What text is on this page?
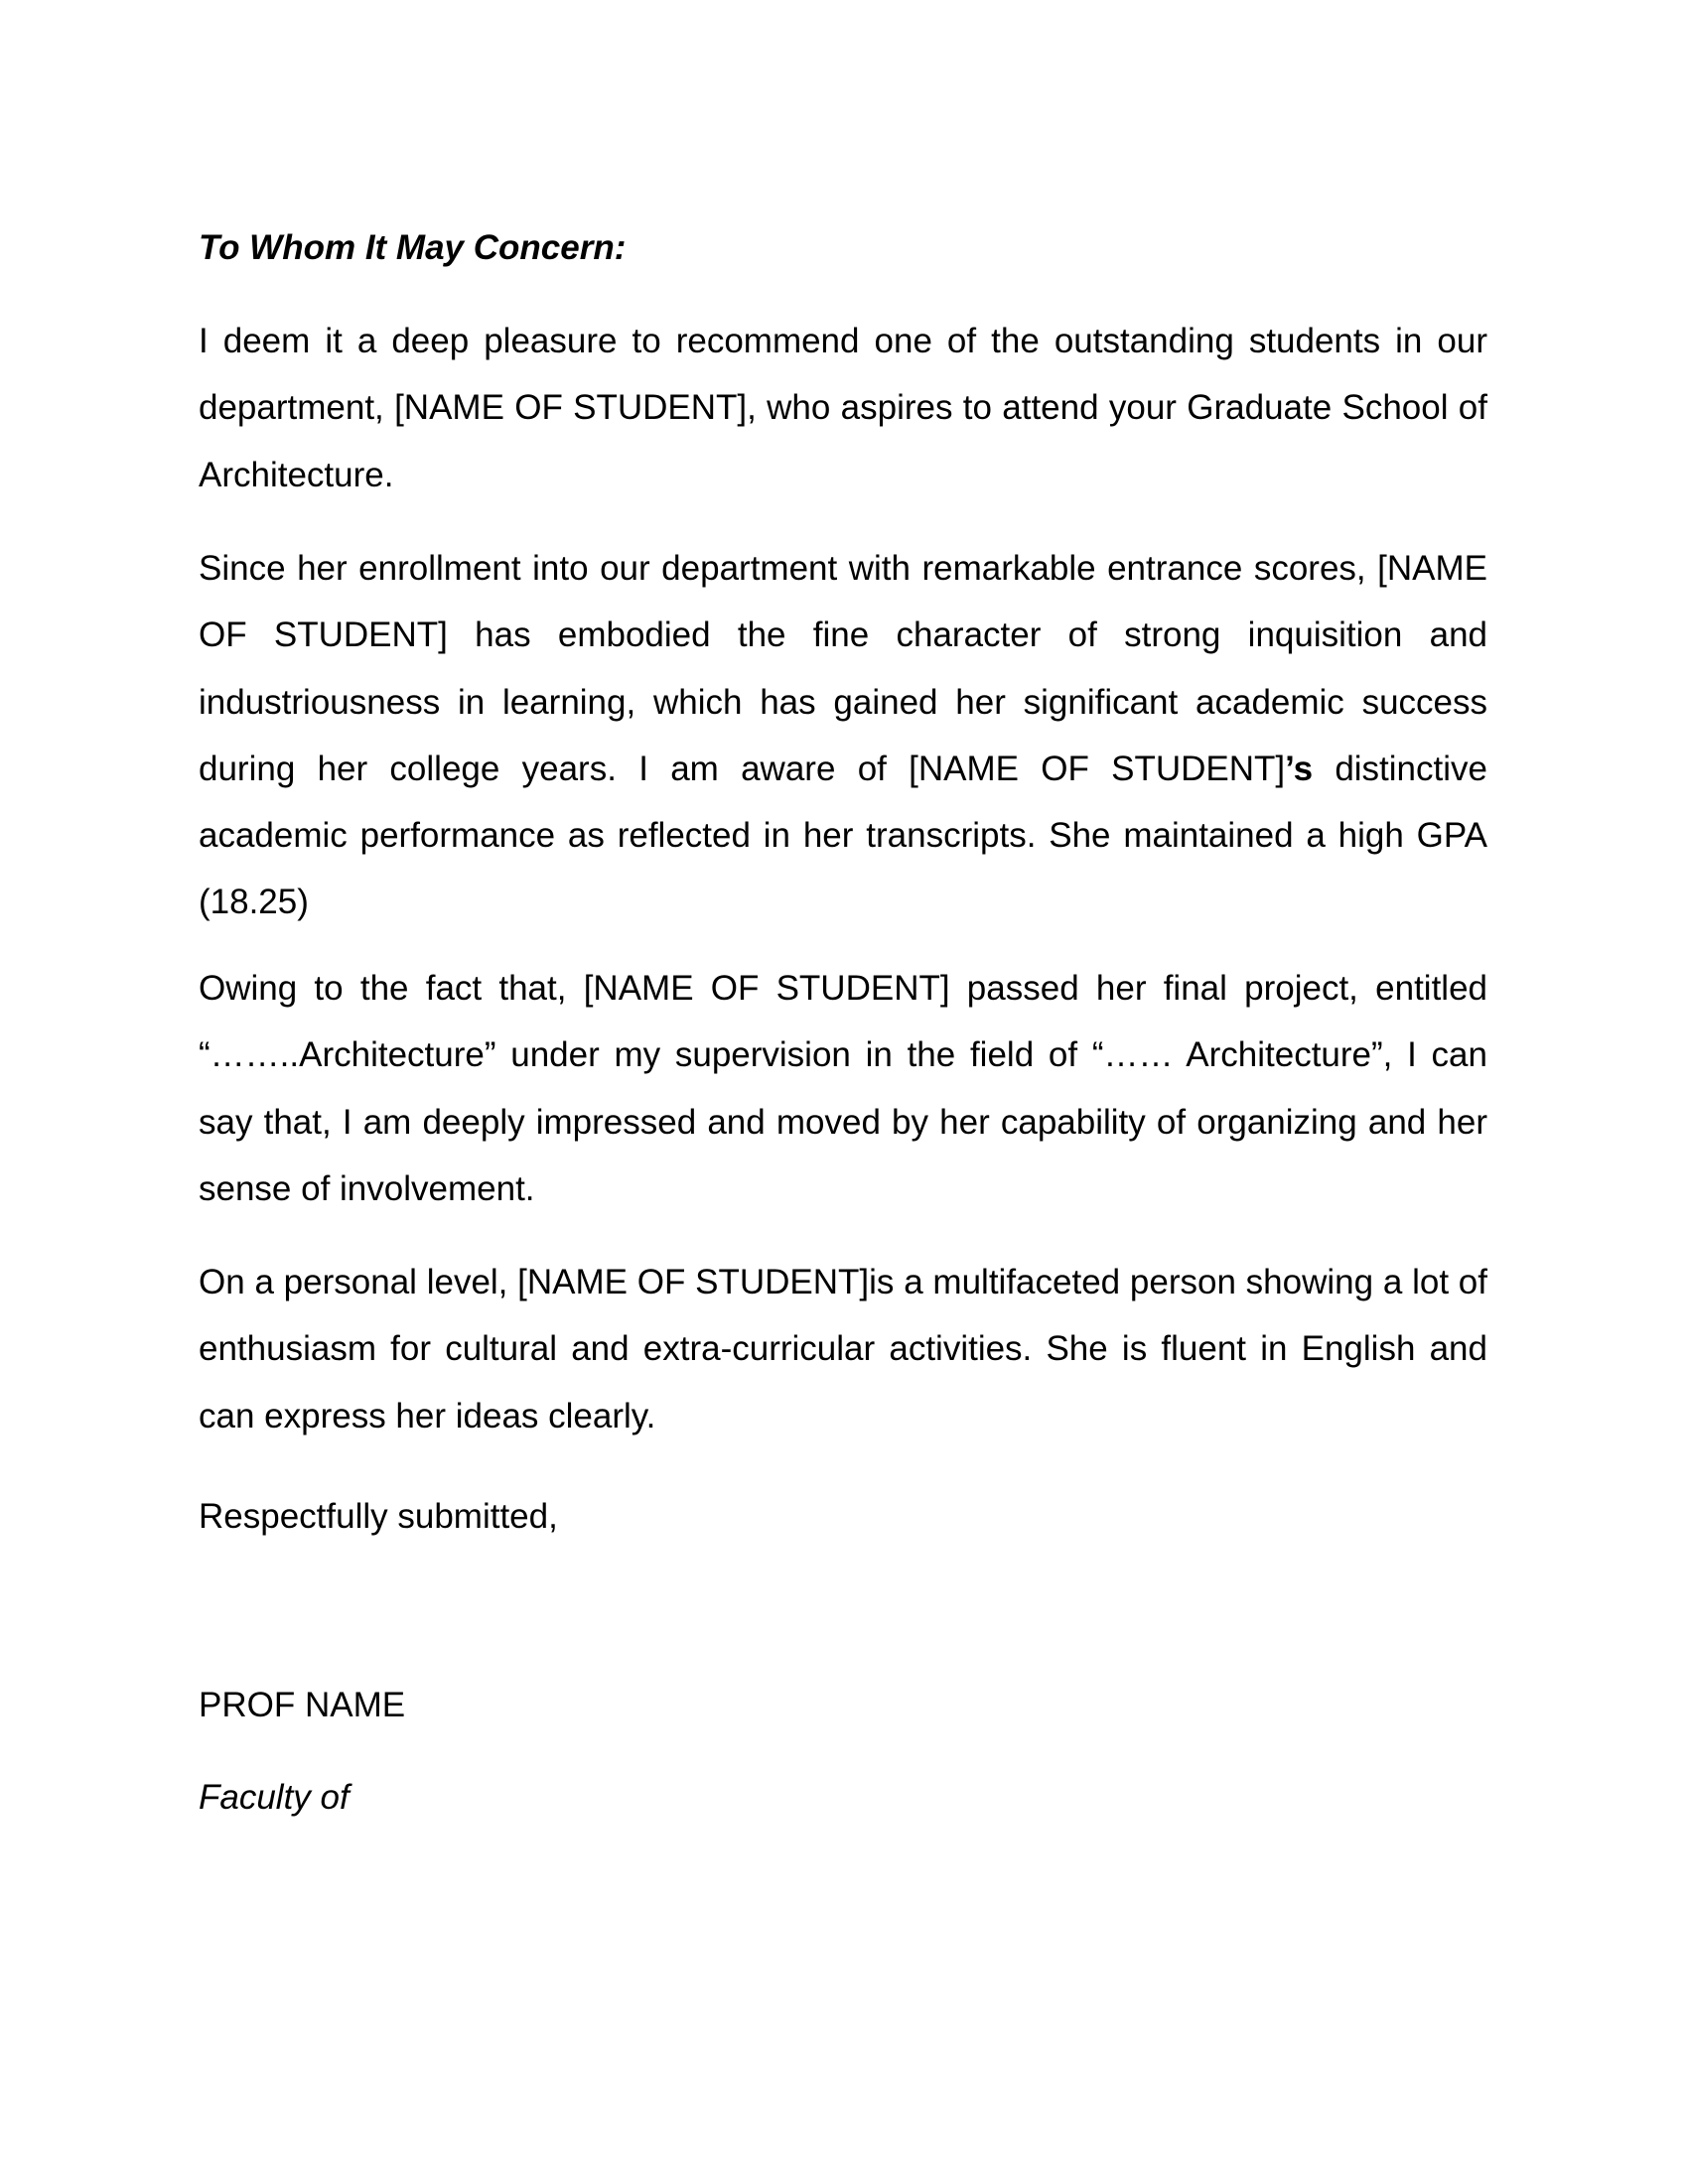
To Whom It May Concern:

I deem it a deep pleasure to recommend one of the outstanding students in our department, [NAME OF STUDENT], who aspires to attend your Graduate School of Architecture.

Since her enrollment into our department with remarkable entrance scores, [NAME OF STUDENT] has embodied the fine character of strong inquisition and industriousness in learning, which has gained her significant academic success during her college years. I am aware of [NAME OF STUDENT]’s distinctive academic performance as reflected in her transcripts. She maintained a high GPA (18.25)

Owing to the fact that, [NAME OF STUDENT] passed her final project, entitled “……..Architecture” under my supervision in the field of “…… Architecture”, I can say that, I am deeply impressed and moved by her capability of organizing and her sense of involvement.

On a personal level, [NAME OF STUDENT]is a multifaceted person showing a lot of enthusiasm for cultural and extra-curricular activities. She is fluent in English and can express her ideas clearly.

Respectfully submitted,

PROF NAME

Faculty of
